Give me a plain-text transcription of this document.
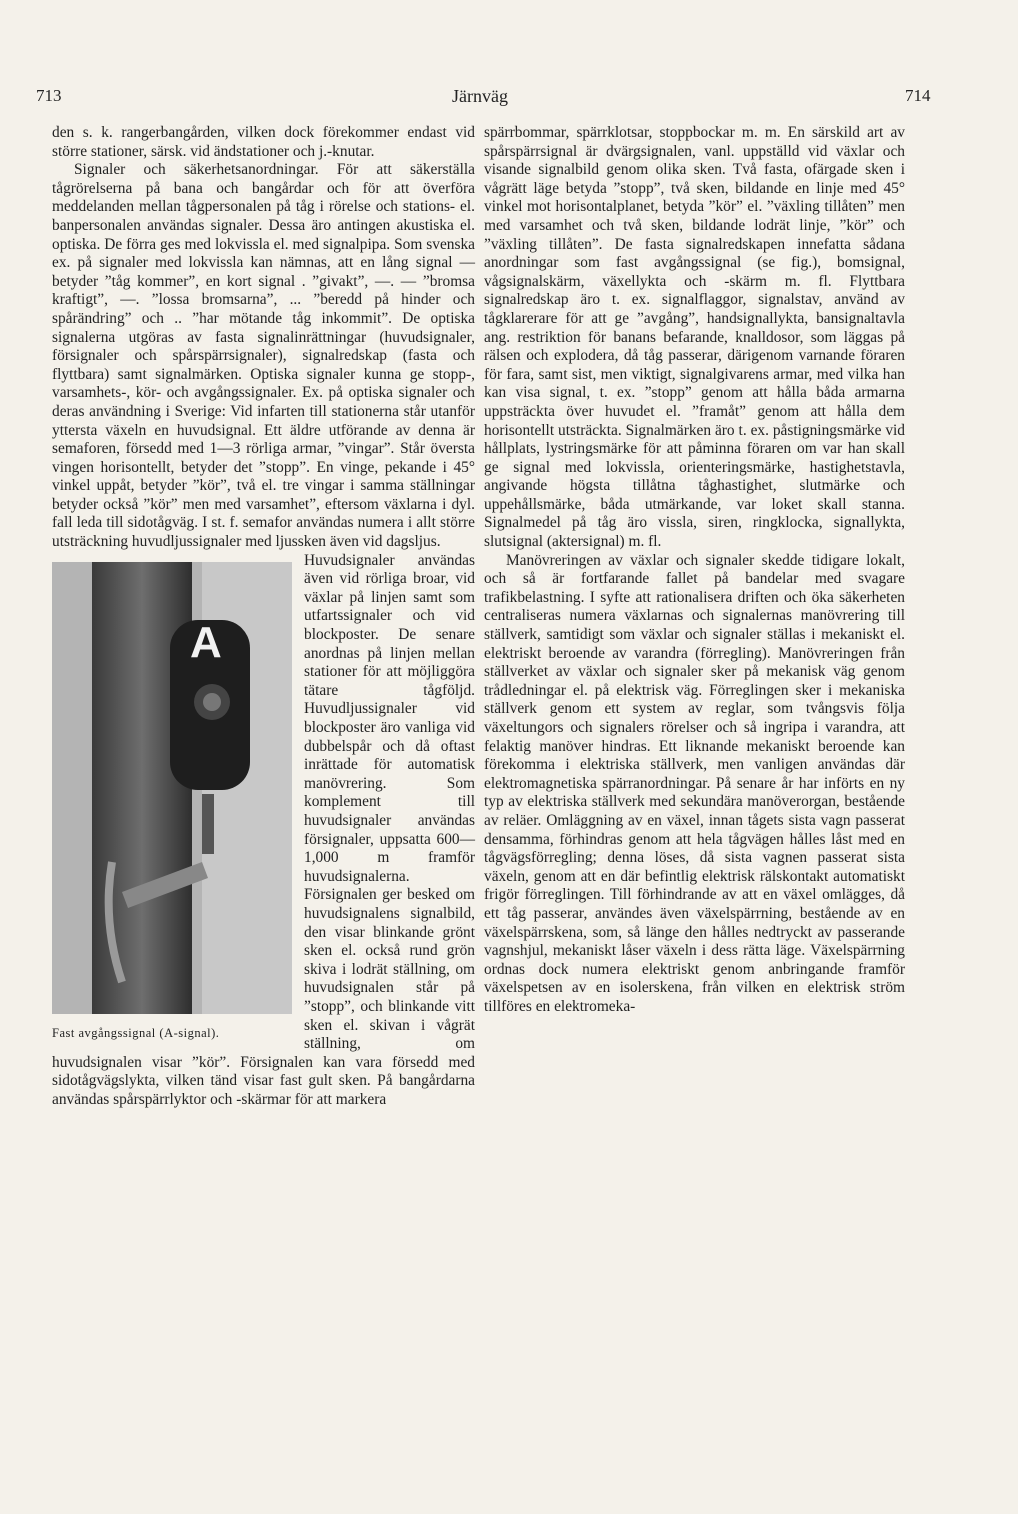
713	Järnväg	714

den s. k. rangerbangården, vilken dock förekommer endast vid större stationer, särsk. vid ändstationer och j.-knutar.

Signaler och säkerhetsanordningar. För att säkerställa tågrörelserna på bana och bangårdar och för att överföra meddelanden mellan tågpersonalen på tåg i rörelse och stations- el. banpersonalen användas signaler. Dessa äro antingen akustiska el. optiska. De förra ges med lokvissla el. med signalpipa. Som svenska ex. på signaler med lokvissla kan nämnas, att en lång signal — betyder ”tåg kommer”, en kort signal . ”givakt”, —. — ”bromsa kraftigt”, —. ”lossa bromsarna”, ... ”beredd på hinder och spårändring” och .. ”har mötande tåg inkommit”. De optiska signalerna utgöras av fasta signalinrättningar (huvudsignaler, försignaler och spårspärrsignaler), signalredskap (fasta och flyttbara) samt signalmärken. Optiska signaler kunna ge stopp-, varsamhets-, kör- och avgångssignaler. Ex. på optiska signaler och deras användning i Sverige: Vid infarten till stationerna står utanför yttersta växeln en huvudsignal. Ett äldre utförande av denna är semaforen, försedd med 1—3 rörliga armar, ”vingar”. Står översta vingen horisontellt, betyder det ”stopp”. En vinge, pekande i 45° vinkel uppåt, betyder ”kör”, två el. tre vingar i samma ställningar betyder också ”kör” men med varsamhet”, eftersom växlarna i dyl. fall leda till sidotågväg. I st. f. semafor användas numera i allt större utsträckning huvudljussignaler med ljussken även vid dagsljus.

A
Fast avgångssignal (A-signal).

Huvudsignaler användas även vid rörliga broar, vid växlar på linjen samt som utfartssignaler och vid blockposter. De senare anordnas på linjen mellan stationer för att möjliggöra tätare tågföljd. Huvudljussignaler vid blockposter äro vanliga vid dubbelspår och då oftast inrättade för automatisk manövrering. Som komplement till huvudsignaler användas försignaler, uppsatta 600—1,000 m framför huvudsignalerna. Försignalen ger besked om huvudsignalens signalbild, den visar blinkande grönt sken el. också rund grön skiva i lodrät ställning, om huvudsignalen står på ”stopp”, och blinkande vitt sken el. skivan i vågrät ställning, om huvudsignalen visar ”kör”. Försignalen kan vara försedd med sidotågvägslykta, vilken tänd visar fast gult sken. På bangårdarna användas spårspärrlyktor och -skärmar för att markera

spärrbommar, spärrklotsar, stoppbockar m. m. En särskild art av spårspärrsignal är dvärgsignalen, vanl. uppställd vid växlar och visande signalbild genom olika sken. Två fasta, ofärgade sken i vågrätt läge betyda ”stopp”, två sken, bildande en linje med 45° vinkel mot horisontalplanet, betyda ”kör” el. ”växling tillåten” men med varsamhet och två sken, bildande lodrät linje, ”kör” och ”växling tillåten”. De fasta signalredskapen innefatta sådana anordningar som fast avgångssignal (se fig.), bomsignal, vågsignalskärm, växellykta och -skärm m. fl. Flyttbara signalredskap äro t. ex. signalflaggor, signalstav, använd av tågklarerare för att ge ”avgång”, handsignallykta, bansignaltavla ang. restriktion för banans befarande, knalldosor, som läggas på rälsen och explodera, då tåg passerar, därigenom varnande föraren för fara, samt sist, men viktigt, signalgivarens armar, med vilka han kan visa signal, t. ex. ”stopp” genom att hålla båda armarna uppsträckta över huvudet el. ”framåt” genom att hålla dem horisontellt utsträckta. Signalmärken äro t. ex. påstigningsmärke vid hållplats, lystringsmärke för att påminna föraren om var han skall ge signal med lokvissla, orienteringsmärke, hastighetstavla, angivande högsta tillåtna tåghastighet, slutmärke och uppehållsmärke, båda utmärkande, var loket skall stanna. Signalmedel på tåg äro vissla, siren, ringklocka, signallykta, slutsignal (aktersignal) m. fl.

Manövreringen av växlar och signaler skedde tidigare lokalt, och så är fortfarande fallet på bandelar med svagare trafikbelastning. I syfte att rationalisera driften och öka säkerheten centraliseras numera växlarnas och signalernas manövrering till ställverk, samtidigt som växlar och signaler ställas i mekaniskt el. elektriskt beroende av varandra (förregling). Manövreringen från ställverket av växlar och signaler sker på mekanisk väg genom trådledningar el. på elektrisk väg. Förreglingen sker i mekaniska ställverk genom ett system av reglar, som tvångsvis följa växeltungors och signalers rörelser och så ingripa i varandra, att felaktig manöver hindras. Ett liknande mekaniskt beroende kan förekomma i elektriska ställverk, men vanligen användas där elektromagnetiska spärranordningar. På senare år har införts en ny typ av elektriska ställverk med sekundära manöverorgan, bestående av reläer. Omläggning av en växel, innan tågets sista vagn passerat densamma, förhindras genom att hela tågvägen hålles låst med en tågvägsförregling; denna löses, då sista vagnen passerat sista växeln, genom att en där befintlig elektrisk rälskontakt automatiskt frigör förreglingen. Till förhindrande av att en växel omlägges, då ett tåg passerar, användes även växelspärrning, bestående av en växelspärrskena, som, så länge den hålles nedtryckt av passerande vagnshjul, mekaniskt låser växeln i dess rätta läge. Växelspärrning ordnas dock numera elektriskt genom anbringande framför växelspetsen av en isolerskena, från vilken en elektrisk ström tillföres en elektromeka-
